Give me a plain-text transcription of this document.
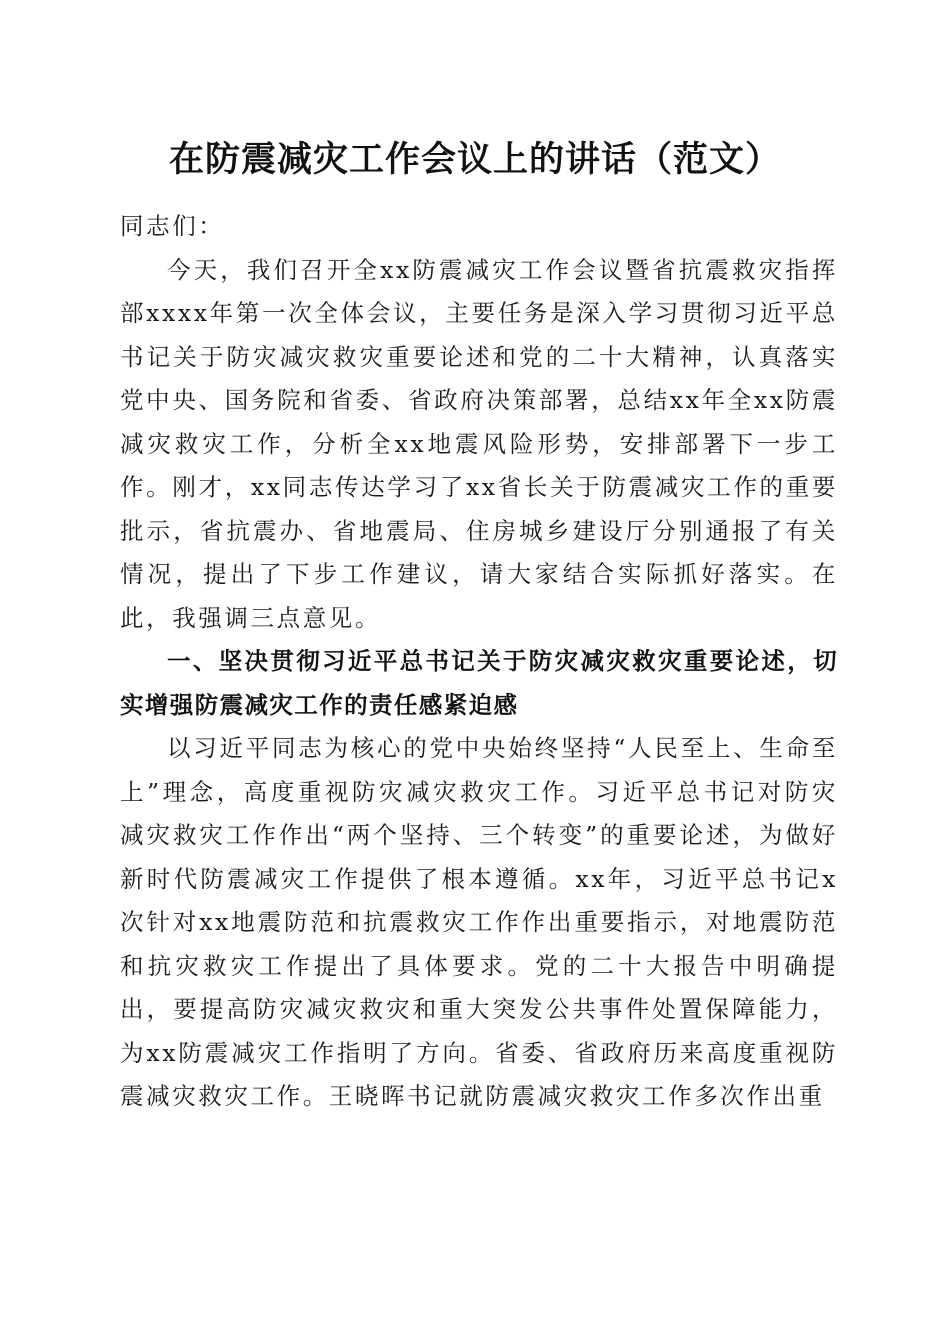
在防震减灾工作会议上的讲话（范文）

同志们：

今天，我们召开全xx防震减灾工作会议暨省抗震救灾指挥部xxxx年第一次全体会议，主要任务是深入学习贯彻习近平总书记关于防灾减灾救灾重要论述和党的二十大精神，认真落实党中央、国务院和省委、省政府决策部署，总结xx年全xx防震减灾救灾工作，分析全xx地震风险形势，安排部署下一步工作。刚才，xx同志传达学习了xx省长关于防震减灾工作的重要批示，省抗震办、省地震局、住房城乡建设厅分别通报了有关情况，提出了下步工作建议，请大家结合实际抓好落实。在此，我强调三点意见。

一、坚决贯彻习近平总书记关于防灾减灾救灾重要论述，切实增强防震减灾工作的责任感紧迫感

以习近平同志为核心的党中央始终坚持“人民至上、生命至上”理念，高度重视防灾减灾救灾工作。习近平总书记对防灾减灾救灾工作作出“两个坚持、三个转变”的重要论述，为做好新时代防震减灾工作提供了根本遵循。xx年，习近平总书记x次针对xx地震防范和抗震救灾工作作出重要指示，对地震防范和抗灾救灾工作提出了具体要求。党的二十大报告中明确提出，要提高防灾减灾救灾和重大突发公共事件处置保障能力，为xx防震减灾工作指明了方向。省委、省政府历来高度重视防震减灾救灾工作。王晓晖书记就防震减灾救灾工作多次作出重
